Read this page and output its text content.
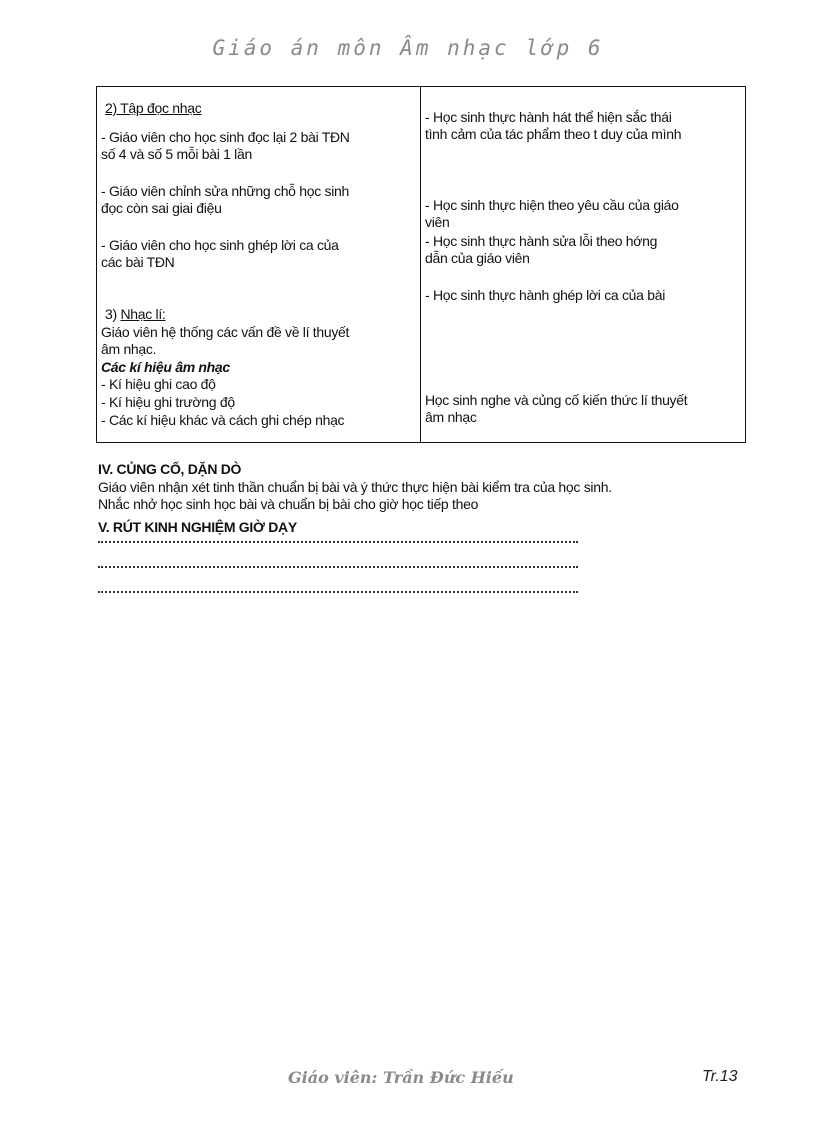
Giáo án môn Âm nhạc lớp 6
2) Tập đọc nhạc
- Giáo viên cho học sinh đọc lại 2 bài TĐN
số 4 và số 5 mỗi bài 1 lần
- Giáo viên chỉnh sửa những chỗ học sinh
đọc còn sai giai điệu
- Giáo viên cho học sinh ghép lời ca của
các bài TĐN
3) Nhạc lí:
Giáo viên hệ thống các vấn đề về lí thuyết
âm nhạc.
Các kí hiệu âm nhạc
- Kí hiệu ghi cao độ
- Kí hiệu ghi trường độ
- Các kí hiệu khác và cách ghi chép nhạc
- Học sinh thực hành hát thể hiện sắc thái
tình cảm của tác phẩm theo t duy của mình
- Học sinh thực hiện theo yêu cầu của giáo
viên
- Học sinh thực hành sửa lỗi theo hớng
dẫn của giáo viên
- Học sinh thực hành ghép lời ca của bài
Học sinh nghe và củng cố kiến thức lí thuyết
âm nhạc
IV. CỦNG CỐ, DẶN DÒ
Giáo viên nhận xét tinh thần chuẩn bị bài và ý thức thực hiện bài kiểm tra của học sinh.
Nhắc nhở học sinh học bài và chuẩn bị bài cho giờ học tiếp theo
V. RÚT KINH NGHIỆM GIỜ DẠY
Giáo viên: Trần Đức Hiếu	Tr.13
